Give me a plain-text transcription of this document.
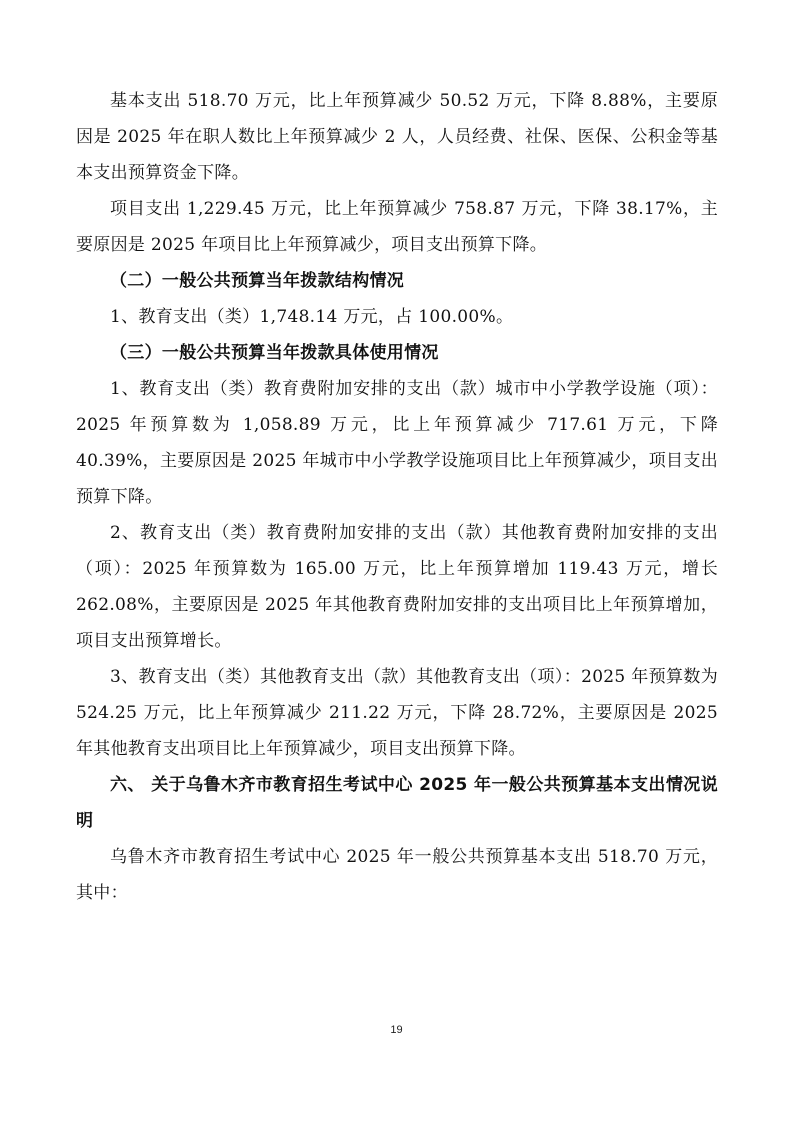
基本支出 518.70 万元，比上年预算减少 50.52 万元，下降 8.88%，主要原因是 2025 年在职人数比上年预算减少 2 人，人员经费、社保、医保、公积金等基本支出预算资金下降。

项目支出 1,229.45 万元，比上年预算减少 758.87 万元，下降 38.17%，主要原因是 2025 年项目比上年预算减少，项目支出预算下降。

（二）一般公共预算当年拨款结构情况

1、教育支出（类）1,748.14 万元，占 100.00%。

（三）一般公共预算当年拨款具体使用情况

1、教育支出（类）教育费附加安排的支出（款）城市中小学教学设施（项）：2025 年预算数为 1,058.89 万元，比上年预算减少 717.61 万元，下降 40.39%，主要原因是 2025 年城市中小学教学设施项目比上年预算减少，项目支出预算下降。

2、教育支出（类）教育费附加安排的支出（款）其他教育费附加安排的支出（项）：2025 年预算数为 165.00 万元，比上年预算增加 119.43 万元，增长 262.08%，主要原因是 2025 年其他教育费附加安排的支出项目比上年预算增加，项目支出预算增长。

3、教育支出（类）其他教育支出（款）其他教育支出（项）：2025 年预算数为 524.25 万元，比上年预算减少 211.22 万元，下降 28.72%，主要原因是 2025 年其他教育支出项目比上年预算减少，项目支出预算下降。

六、 关于乌鲁木齐市教育招生考试中心 2025 年一般公共预算基本支出情况说明

乌鲁木齐市教育招生考试中心 2025 年一般公共预算基本支出 518.70 万元，其中：

19
